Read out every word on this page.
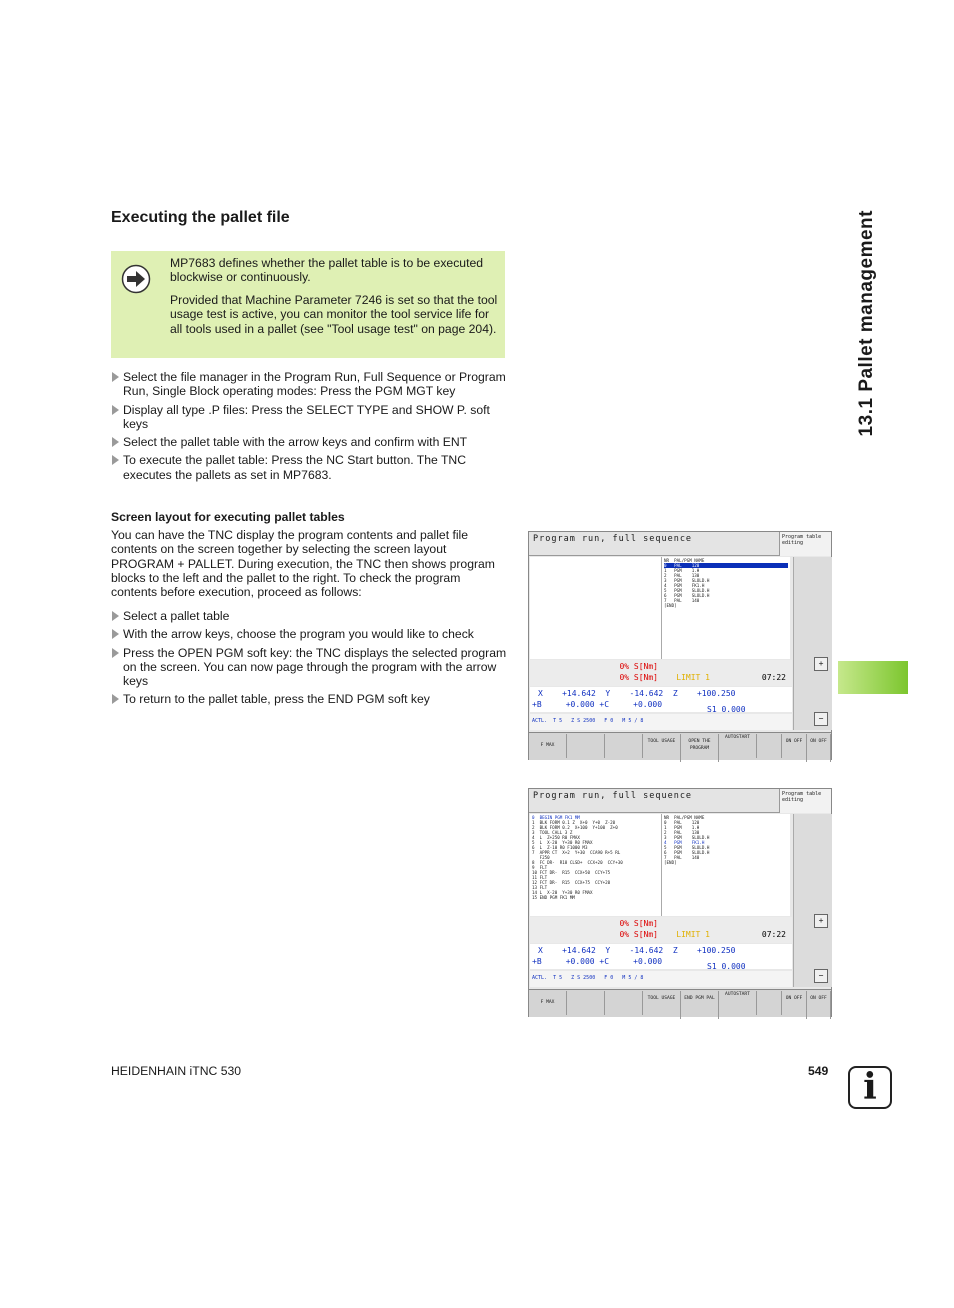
Executing the pallet file

MP7683 defines whether the pallet table is to be executed blockwise or continuously.

Provided that Machine Parameter 7246 is set so that the tool usage test is active, you can monitor the tool service life for all tools used in a pallet (see "Tool usage test" on page 204).

Select the file manager in the Program Run, Full Sequence or Program Run, Single Block operating modes: Press the PGM MGT key
Display all type .P files: Press the SELECT TYPE and SHOW P. soft keys
Select the pallet table with the arrow keys and confirm with ENT
To execute the pallet table: Press the NC Start button. The TNC executes the pallets as set in MP7683.
Screen layout for executing pallet tables

You can have the TNC display the program contents and pallet file contents on the screen together by selecting the screen layout PROGRAM + PALLET. During execution, the TNC then shows program blocks to the left and the pallet to the right. To check the program contents before execution, proceed as follows:

Select a pallet table
With the arrow keys, choose the program you would like to check
Press the OPEN PGM soft key: the TNC displays the selected program on the screen. You can now page through the program with the arrow keys
To return to the pallet table, press the END PGM soft key
13.1 Pallet management
Program run, full sequence	Program table editing
NR  PAL/PGM NAME
0   PAL    120
1   PGM    1.H
2   PAL    130
3   PGM    SLOLD.H
4   PGM    FK1.H
5   PGM    SLOLD.H
6   PGM    SLOLD.H
7   PAL    140
[END]
+
−
0% S[Nm]
0% S[Nm] LIMIT 1	07:22
X    +14.642  Y    -14.642  Z    +100.250
+B     +0.000 +C     +0.000
S1 0.000
ACTL.  T 5   Z S 2500   F 0   M 5 / 8
F MAX
TOOL USAGE	OPEN THE PROGRAM
AUTOSTART
ON OFF	ON OFF
Program run, full sequence	Program table editing
0  BEGIN PGM FK1 MM
1  BLK FORM 0.1 Z  X+0  Y+0  Z-20
2  BLK FORM 0.2  X+100  Y+100  Z+0
3  TOOL CALL 3 Z
4  L  Z+250 R0 FMAX
5  L  X-20  Y+30 R0 FMAX
6  L  Z-10 R0 F1000 M3
7  APPR CT  X+2  Y+30  CCA90 R+5 RL
F250
8  FC DR-  R18 CLSD+  CCX+20  CCY+30
9  FLT
10 FCT DR-  R15  CCX+50  CCY+75
11 FLT
12 FCT DR-  R15  CCX+75  CCY+20
13 FLT
14 L  X-20  Y+30 R0 FMAX
15 END PGM FK1 MM
NR  PAL/PGM NAME
0   PAL    120
1   PGM    1.H
2   PAL    130
3   PGM    SLOLD.H
4   PGM    FK1.H
5   PGM    SLOLD.H
6   PGM    SLOLD.H
7   PAL    140
[END]
+
−
0% S[Nm]
0% S[Nm] LIMIT 1	07:22
X    +14.642  Y    -14.642  Z    +100.250
+B     +0.000 +C     +0.000
S1 0.000
ACTL.  T 5   Z S 2500   F 0   M 5 / 8
F MAX
TOOL USAGE	END PGM PAL
AUTOSTART
ON OFF	ON OFF
HEIDENHAIN iTNC 530	549 i
